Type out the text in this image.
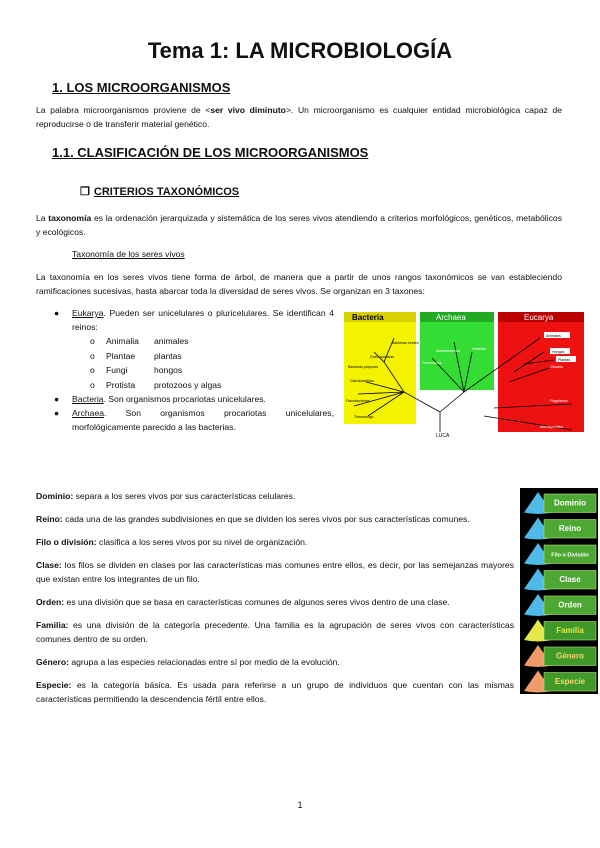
Tema 1: LA MICROBIOLOGÍA
1. LOS MICROORGANISMOS
La palabra microorganismos proviene de <ser vivo diminuto>. Un microorganismo es cualquier entidad microbiológica capaz de reproducirse o de transferir material genético.
1.1. CLASIFICACIÓN DE LOS MICROORGANISMOS
❐ CRITERIOS TAXONÓMICOS
La taxonomía es la ordenación jerarquizada y sistemática de los seres vivos atendiendo a criterios morfológicos, genéticos, metabólicos y ecológicos.
Taxonomía de los seres vivos
La taxonomía en los seres vivos tiene forma de árbol, de manera que a partir de unos rangos taxonómicos se van estableciendo ramificaciones sucesivas, hasta abarcar toda la diversidad de seres vivos. Se organizan en 3 taxones:
● Eukarya. Pueden ser unicelulares o pluricelulares. Se identifican 4 reinos:
o Animalia animales
o Plantae plantas
o Fungi	hongos
o Protista protozoos y algas
● Bacteria. Son organismos procariotas unicelulares.
● Archaea. Son organismos procariotas unicelulares, morfológicamente parecido a las bacterias.
Bacteria	Archaea	Eucarya
Bacterias verdes
Gram positivas
Bacterias púrpuras
Cianobacterias
Flavobacterias
Thermotoga
Metanosarcina	Halófilas
Termococos
Animales
Hongos
Plantas
Ciliados
Flagelados
Microsporidios
LUCA

Dominio: separa a los seres vivos por sus características celulares.

Reino: cada una de las grandes subdivisiones en que se dividen los seres vivos por sus características comunes.

Filo o división: clasifica a los seres vivos por su nivel de organización.

Clase: los filos se dividen en clases por las características mas comunes entre ellos, es decir, por las semejanzas mayores que existan entre los integrantes de un filo.

Orden: es una división que se basa en características comunes de algunos seres vivos dentro de una clase.

Familia: es una división de la categoría precedente. Una familia es la agrupación de seres vivos con características comunes dentro de su orden.

Género: agrupa a las especies relacionadas entre sí por medio de la evolución.

Especie: es la categoría básica. Es usada para referirse a un grupo de individuos que cuentan con las mismas características permitiendo la descendencia fértil entre ellos.

Dominio
Reino
Filo o División
Clase
Orden
Familia
Género
Especie
1
